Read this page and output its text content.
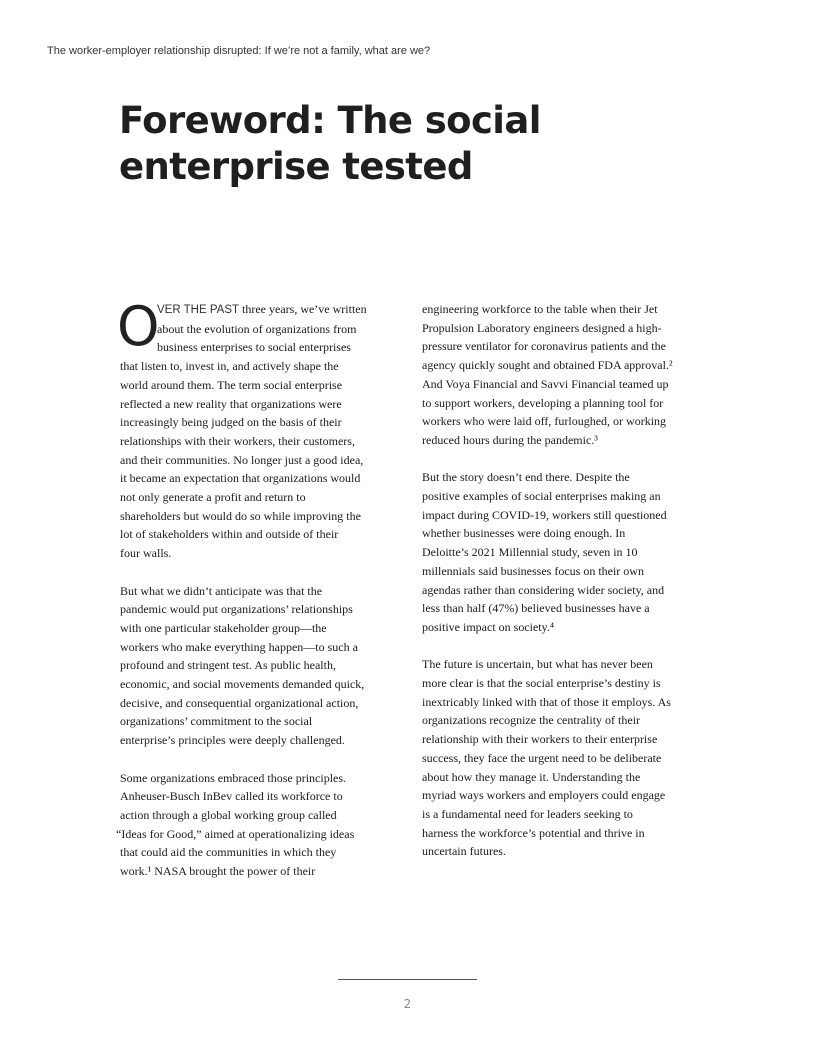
The worker-employer relationship disrupted: If we’re not a family, what are we?
Foreword: The social
enterprise tested
O
VER THE PAST three years, we’ve written
about the evolution of organizations from
business enterprises to social enterprises
that listen to, invest in, and actively shape the
world around them. The term social enterprise
reflected a new reality that organizations were
increasingly being judged on the basis of their
relationships with their workers, their customers,
and their communities. No longer just a good idea,
it became an expectation that organizations would
not only generate a profit and return to
shareholders but would do so while improving the
lot of stakeholders within and outside of their
four walls.
But what we didn’t anticipate was that the
pandemic would put organizations’ relationships
with one particular stakeholder group—the
workers who make everything happen—to such a
profound and stringent test. As public health,
economic, and social movements demanded quick,
decisive, and consequential organizational action,
organizations’ commitment to the social
enterprise’s principles were deeply challenged.
Some organizations embraced those principles.
Anheuser-Busch InBev called its workforce to
action through a global working group called
“Ideas for Good,” aimed at operationalizing ideas
that could aid the communities in which they
work.¹ NASA brought the power of their
engineering workforce to the table when their Jet
Propulsion Laboratory engineers designed a high-
pressure ventilator for coronavirus patients and the
agency quickly sought and obtained FDA approval.²
And Voya Financial and Savvi Financial teamed up
to support workers, developing a planning tool for
workers who were laid off, furloughed, or working
reduced hours during the pandemic.³
But the story doesn’t end there. Despite the
positive examples of social enterprises making an
impact during COVID-19, workers still questioned
whether businesses were doing enough. In
Deloitte’s 2021 Millennial study, seven in 10
millennials said businesses focus on their own
agendas rather than considering wider society, and
less than half (47%) believed businesses have a
positive impact on society.⁴
The future is uncertain, but what has never been
more clear is that the social enterprise’s destiny is
inextricably linked with that of those it employs. As
organizations recognize the centrality of their
relationship with their workers to their enterprise
success, they face the urgent need to be deliberate
about how they manage it. Understanding the
myriad ways workers and employers could engage
is a fundamental need for leaders seeking to
harness the workforce’s potential and thrive in
uncertain futures.
2
